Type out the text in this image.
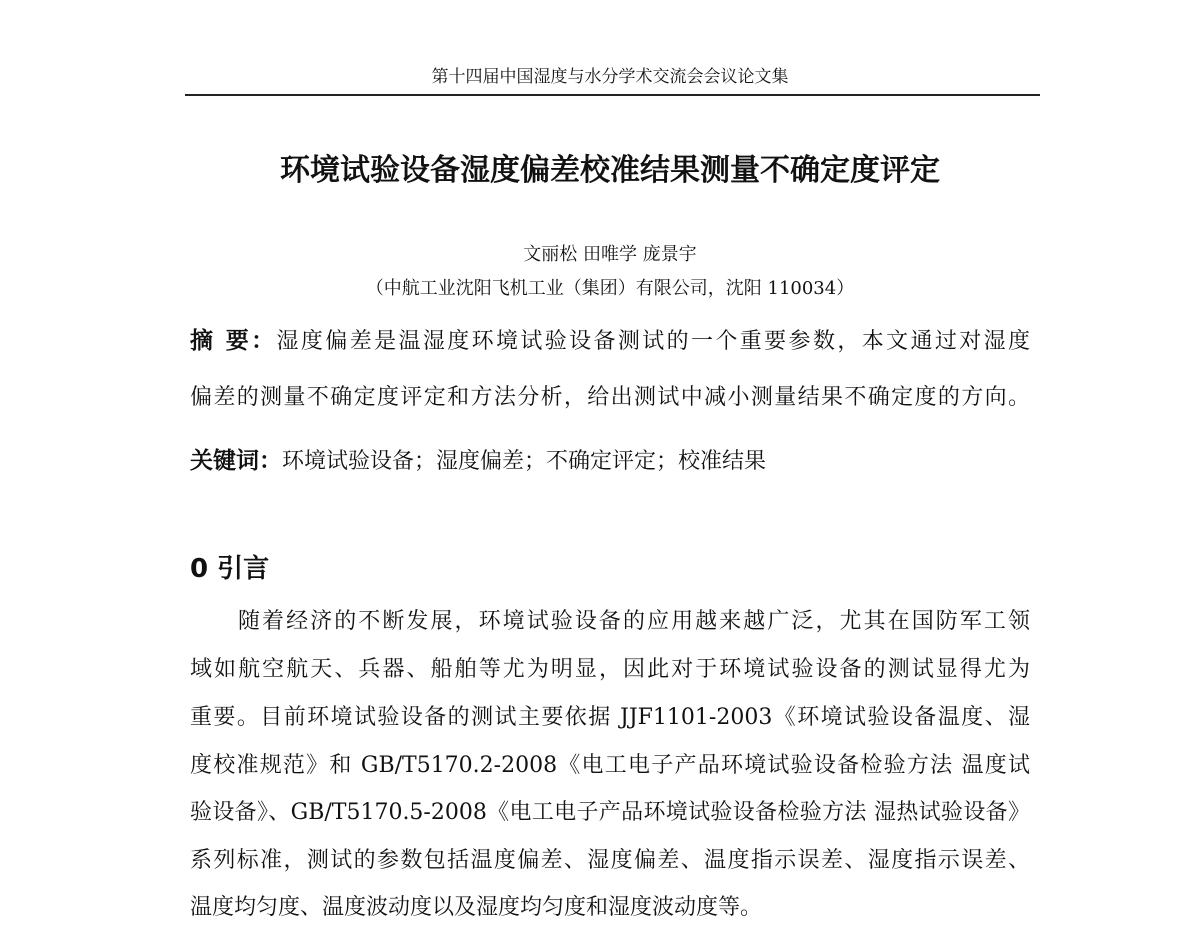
第十四届中国湿度与水分学术交流会会议论文集
环境试验设备湿度偏差校准结果测量不确定度评定
文丽松 田唯学 庞景宇
（中航工业沈阳飞机工业（集团）有限公司，沈阳 110034）
摘 要：湿度偏差是温湿度环境试验设备测试的一个重要参数，本文通过对湿度
偏差的测量不确定度评定和方法分析，给出测试中减小测量结果不确定度的方向。
关键词：环境试验设备；湿度偏差；不确定评定；校准结果
0 引言
随着经济的不断发展，环境试验设备的应用越来越广泛，尤其在国防军工领
域如航空航天、兵器、船舶等尤为明显，因此对于环境试验设备的测试显得尤为
重要。目前环境试验设备的测试主要依据 JJF1101-2003《环境试验设备温度、湿
度校准规范》和 GB/T5170.2-2008《电工电子产品环境试验设备检验方法 温度试
验设备》、GB/T5170.5-2008《电工电子产品环境试验设备检验方法 湿热试验设备》
系列标准，测试的参数包括温度偏差、湿度偏差、温度指示误差、湿度指示误差、
温度均匀度、温度波动度以及湿度均匀度和湿度波动度等。
